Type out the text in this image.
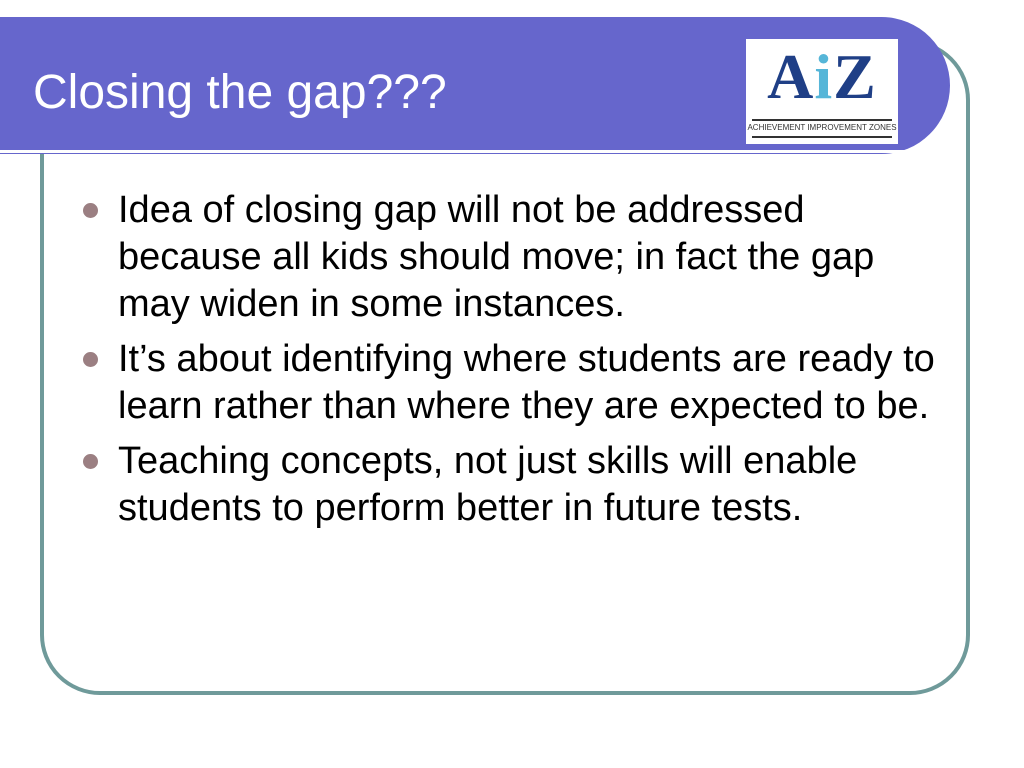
Closing the gap???	AiZ
ACHIEVEMENT IMPROVEMENT ZONES
Idea of closing gap will not be addressed because all kids should move; in fact the gap may widen in some instances.
It’s about identifying where students are ready to learn rather than where they are expected to be.
Teaching concepts, not just skills will enable students to perform better in future tests.
